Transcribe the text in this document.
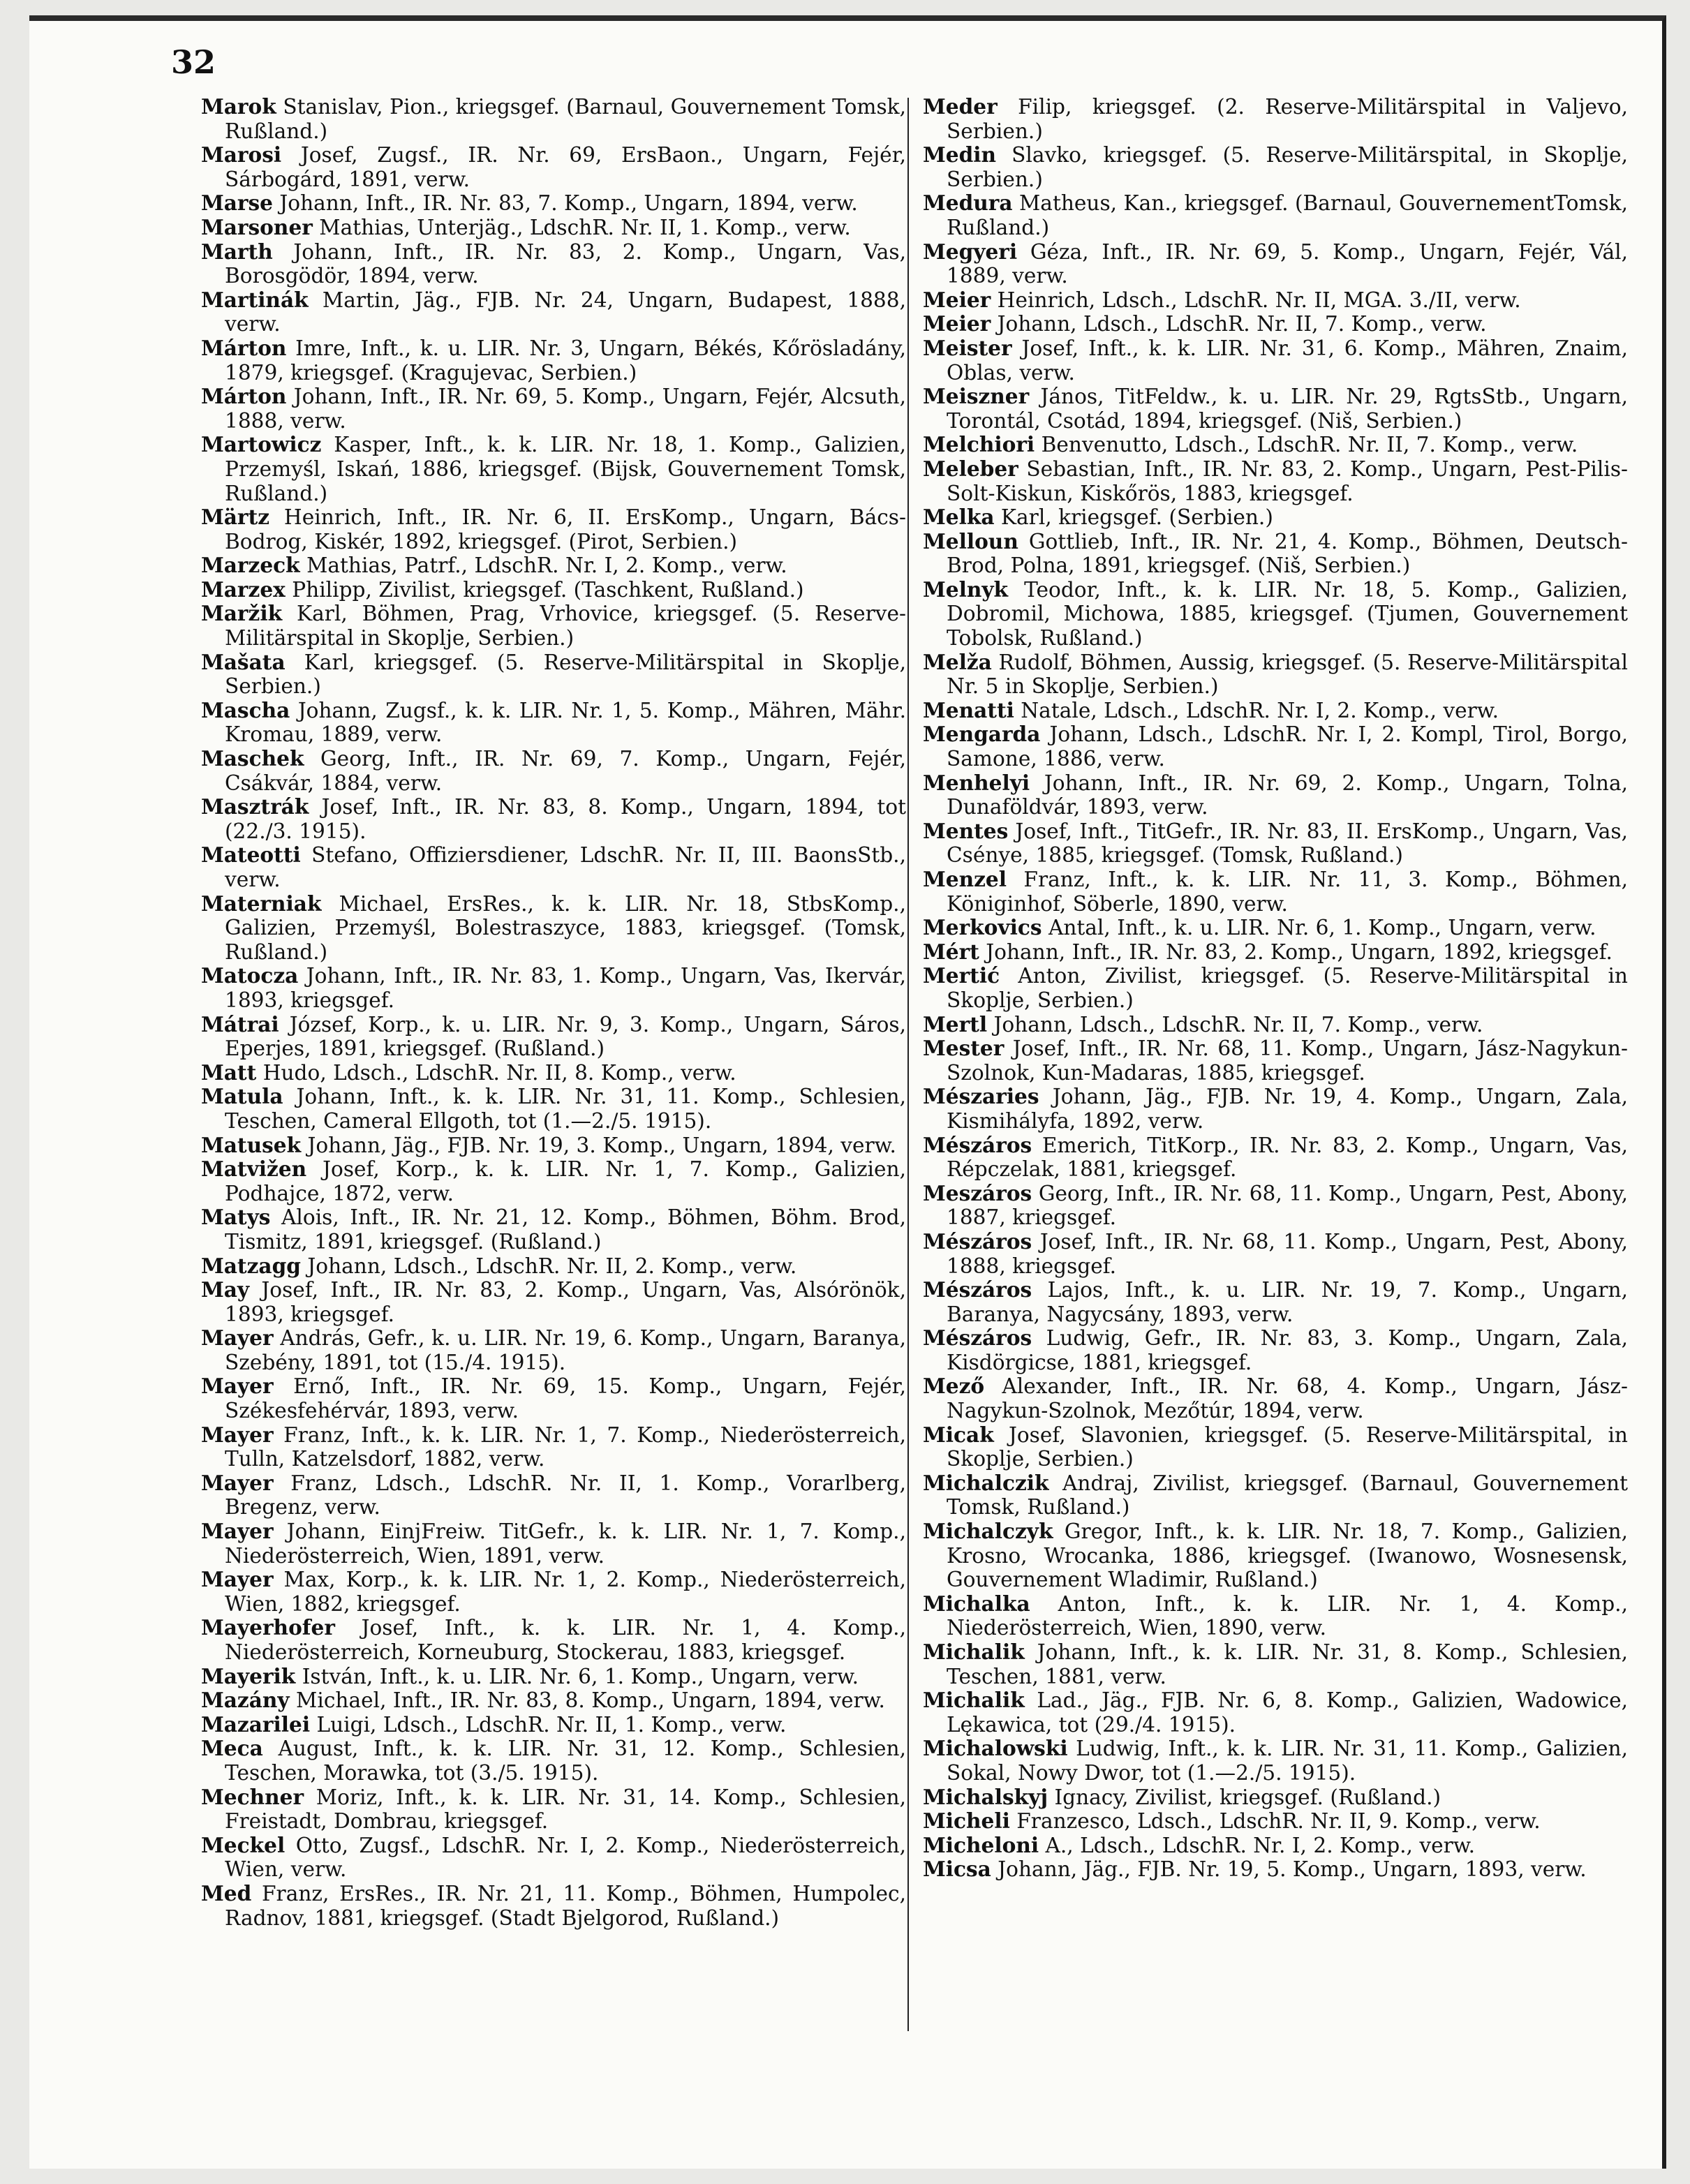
32

Marok Stanislav, Pion., kriegsgef. (Barnaul, Gouvernement Tomsk, Rußland.)

Marosi Josef, Zugsf., IR. Nr. 69, ErsBaon., Ungarn, Fejér, Sárbogárd, 1891, verw.

Marse Johann, Inft., IR. Nr. 83, 7. Komp., Ungarn, 1894, verw.

Marsoner Mathias, Unterjäg., LdschR. Nr. II, 1. Komp., verw.

Marth Johann, Inft., IR. Nr. 83, 2. Komp., Ungarn, Vas, Borosgödör, 1894, verw.

Martinák Martin, Jäg., FJB. Nr. 24, Ungarn, Budapest, 1888, verw.

Márton Imre, Inft., k. u. LIR. Nr. 3, Ungarn, Békés, Kőrösladány, 1879, kriegsgef. (Kragujevac, Serbien.)

Márton Johann, Inft., IR. Nr. 69, 5. Komp., Ungarn, Fejér, Alcsuth, 1888, verw.

Martowicz Kasper, Inft., k. k. LIR. Nr. 18, 1. Komp., Galizien, Przemyśl, Iskań, 1886, kriegsgef. (Bijsk, Gouvernement Tomsk, Rußland.)

Märtz Heinrich, Inft., IR. Nr. 6, II. ErsKomp., Ungarn, Bács-Bodrog, Kiskér, 1892, kriegsgef. (Pirot, Serbien.)

Marzeck Mathias, Patrf., LdschR. Nr. I, 2. Komp., verw.

Marzex Philipp, Zivilist, kriegsgef. (Taschkent, Rußland.)

Maržik Karl, Böhmen, Prag, Vrhovice, kriegsgef. (5. Reserve-Militärspital in Skoplje, Serbien.)

Mašata Karl, kriegsgef. (5. Reserve-Militärspital in Skoplje, Serbien.)

Mascha Johann, Zugsf., k. k. LIR. Nr. 1, 5. Komp., Mähren, Mähr. Kromau, 1889, verw.

Maschek Georg, Inft., IR. Nr. 69, 7. Komp., Ungarn, Fejér, Csákvár, 1884, verw.

Masztrák Josef, Inft., IR. Nr. 83, 8. Komp., Ungarn, 1894, tot (22./3. 1915).

Mateotti Stefano, Offiziersdiener, LdschR. Nr. II, III. BaonsStb., verw.

Materniak Michael, ErsRes., k. k. LIR. Nr. 18, StbsKomp., Galizien, Przemyśl, Bolestraszyce, 1883, kriegsgef. (Tomsk, Rußland.)

Matocza Johann, Inft., IR. Nr. 83, 1. Komp., Ungarn, Vas, Ikervár, 1893, kriegsgef.

Mátrai József, Korp., k. u. LIR. Nr. 9, 3. Komp., Ungarn, Sáros, Eperjes, 1891, kriegsgef. (Rußland.)

Matt Hudo, Ldsch., LdschR. Nr. II, 8. Komp., verw.

Matula Johann, Inft., k. k. LIR. Nr. 31, 11. Komp., Schlesien, Teschen, Cameral Ellgoth, tot (1.—2./5. 1915).

Matusek Johann, Jäg., FJB. Nr. 19, 3. Komp., Ungarn, 1894, verw.

Matvižen Josef, Korp., k. k. LIR. Nr. 1, 7. Komp., Galizien, Podhajce, 1872, verw.

Matys Alois, Inft., IR. Nr. 21, 12. Komp., Böhmen, Böhm. Brod, Tismitz, 1891, kriegsgef. (Rußland.)

Matzagg Johann, Ldsch., LdschR. Nr. II, 2. Komp., verw.

May Josef, Inft., IR. Nr. 83, 2. Komp., Ungarn, Vas, Alsórönök, 1893, kriegsgef.

Mayer András, Gefr., k. u. LIR. Nr. 19, 6. Komp., Ungarn, Baranya, Szebény, 1891, tot (15./4. 1915).

Mayer Ernő, Inft., IR. Nr. 69, 15. Komp., Ungarn, Fejér, Székesfehérvár, 1893, verw.

Mayer Franz, Inft., k. k. LIR. Nr. 1, 7. Komp., Niederösterreich, Tulln, Katzelsdorf, 1882, verw.

Mayer Franz, Ldsch., LdschR. Nr. II, 1. Komp., Vorarlberg, Bregenz, verw.

Mayer Johann, EinjFreiw. TitGefr., k. k. LIR. Nr. 1, 7. Komp., Niederösterreich, Wien, 1891, verw.

Mayer Max, Korp., k. k. LIR. Nr. 1, 2. Komp., Niederösterreich, Wien, 1882, kriegsgef.

Mayerhofer Josef, Inft., k. k. LIR. Nr. 1, 4. Komp., Niederösterreich, Korneuburg, Stockerau, 1883, kriegsgef.

Mayerik István, Inft., k. u. LIR. Nr. 6, 1. Komp., Ungarn, verw.

Mazány Michael, Inft., IR. Nr. 83, 8. Komp., Ungarn, 1894, verw.

Mazarilei Luigi, Ldsch., LdschR. Nr. II, 1. Komp., verw.

Meca August, Inft., k. k. LIR. Nr. 31, 12. Komp., Schlesien, Teschen, Morawka, tot (3./5. 1915).

Mechner Moriz, Inft., k. k. LIR. Nr. 31, 14. Komp., Schlesien, Freistadt, Dombrau, kriegsgef.

Meckel Otto, Zugsf., LdschR. Nr. I, 2. Komp., Niederösterreich, Wien, verw.

Med Franz, ErsRes., IR. Nr. 21, 11. Komp., Böhmen, Humpolec, Radnov, 1881, kriegsgef. (Stadt Bjelgorod, Rußland.)

Meder Filip, kriegsgef. (2. Reserve-Militärspital in Valjevo, Serbien.)

Medin Slavko, kriegsgef. (5. Reserve-Militärspital, in Skoplje, Serbien.)

Medura Matheus, Kan., kriegsgef. (Barnaul, GouvernementTomsk, Rußland.)

Megyeri Géza, Inft., IR. Nr. 69, 5. Komp., Ungarn, Fejér, Vál, 1889, verw.

Meier Heinrich, Ldsch., LdschR. Nr. II, MGA. 3./II, verw.

Meier Johann, Ldsch., LdschR. Nr. II, 7. Komp., verw.

Meister Josef, Inft., k. k. LIR. Nr. 31, 6. Komp., Mähren, Znaim, Oblas, verw.

Meiszner János, TitFeldw., k. u. LIR. Nr. 29, RgtsStb., Ungarn, Torontál, Csotád, 1894, kriegsgef. (Niš, Serbien.)

Melchiori Benvenutto, Ldsch., LdschR. Nr. II, 7. Komp., verw.

Meleber Sebastian, Inft., IR. Nr. 83, 2. Komp., Ungarn, Pest-Pilis-Solt-Kiskun, Kiskőrös, 1883, kriegsgef.

Melka Karl, kriegsgef. (Serbien.)

Melloun Gottlieb, Inft., IR. Nr. 21, 4. Komp., Böhmen, Deutsch-Brod, Polna, 1891, kriegsgef. (Niš, Serbien.)

Melnyk Teodor, Inft., k. k. LIR. Nr. 18, 5. Komp., Galizien, Dobromil, Michowa, 1885, kriegsgef. (Tjumen, Gouvernement Tobolsk, Rußland.)

Melža Rudolf, Böhmen, Aussig, kriegsgef. (5. Reserve-Militärspital Nr. 5 in Skoplje, Serbien.)

Menatti Natale, Ldsch., LdschR. Nr. I, 2. Komp., verw.

Mengarda Johann, Ldsch., LdschR. Nr. I, 2. Kompl, Tirol, Borgo, Samone, 1886, verw.

Menhelyi Johann, Inft., IR. Nr. 69, 2. Komp., Ungarn, Tolna, Dunaföldvár, 1893, verw.

Mentes Josef, Inft., TitGefr., IR. Nr. 83, II. ErsKomp., Ungarn, Vas, Csénye, 1885, kriegsgef. (Tomsk, Rußland.)

Menzel Franz, Inft., k. k. LIR. Nr. 11, 3. Komp., Böhmen, Königinhof, Söberle, 1890, verw.

Merkovics Antal, Inft., k. u. LIR. Nr. 6, 1. Komp., Ungarn, verw.

Mért Johann, Inft., IR. Nr. 83, 2. Komp., Ungarn, 1892, kriegsgef.

Mertić Anton, Zivilist, kriegsgef. (5. Reserve-Militärspital in Skoplje, Serbien.)

Mertl Johann, Ldsch., LdschR. Nr. II, 7. Komp., verw.

Mester Josef, Inft., IR. Nr. 68, 11. Komp., Ungarn, Jász-Nagykun-Szolnok, Kun-Madaras, 1885, kriegsgef.

Mészaries Johann, Jäg., FJB. Nr. 19, 4. Komp., Ungarn, Zala, Kismihályfa, 1892, verw.

Mészáros Emerich, TitKorp., IR. Nr. 83, 2. Komp., Ungarn, Vas, Répczelak, 1881, kriegsgef.

Meszáros Georg, Inft., IR. Nr. 68, 11. Komp., Ungarn, Pest, Abony, 1887, kriegsgef.

Mészáros Josef, Inft., IR. Nr. 68, 11. Komp., Ungarn, Pest, Abony, 1888, kriegsgef.

Mészáros Lajos, Inft., k. u. LIR. Nr. 19, 7. Komp., Ungarn, Baranya, Nagycsány, 1893, verw.

Mészáros Ludwig, Gefr., IR. Nr. 83, 3. Komp., Ungarn, Zala, Kisdörgicse, 1881, kriegsgef.

Mező Alexander, Inft., IR. Nr. 68, 4. Komp., Ungarn, Jász-Nagykun-Szolnok, Mezőtúr, 1894, verw.

Micak Josef, Slavonien, kriegsgef. (5. Reserve-Militärspital, in Skoplje, Serbien.)

Michalczik Andraj, Zivilist, kriegsgef. (Barnaul, Gouvernement Tomsk, Rußland.)

Michalczyk Gregor, Inft., k. k. LIR. Nr. 18, 7. Komp., Galizien, Krosno, Wrocanka, 1886, kriegsgef. (Iwanowo, Wosnesensk, Gouvernement Wladimir, Rußland.)

Michalka Anton, Inft., k. k. LIR. Nr. 1, 4. Komp., Niederösterreich, Wien, 1890, verw.

Michalik Johann, Inft., k. k. LIR. Nr. 31, 8. Komp., Schlesien, Teschen, 1881, verw.

Michalik Lad., Jäg., FJB. Nr. 6, 8. Komp., Galizien, Wadowice, Lękawica, tot (29./4. 1915).

Michalowski Ludwig, Inft., k. k. LIR. Nr. 31, 11. Komp., Galizien, Sokal, Nowy Dwor, tot (1.—2./5. 1915).

Michalskyj Ignacy, Zivilist, kriegsgef. (Rußland.)

Micheli Franzesco, Ldsch., LdschR. Nr. II, 9. Komp., verw.

Micheloni A., Ldsch., LdschR. Nr. I, 2. Komp., verw.

Micsa Johann, Jäg., FJB. Nr. 19, 5. Komp., Ungarn, 1893, verw.
